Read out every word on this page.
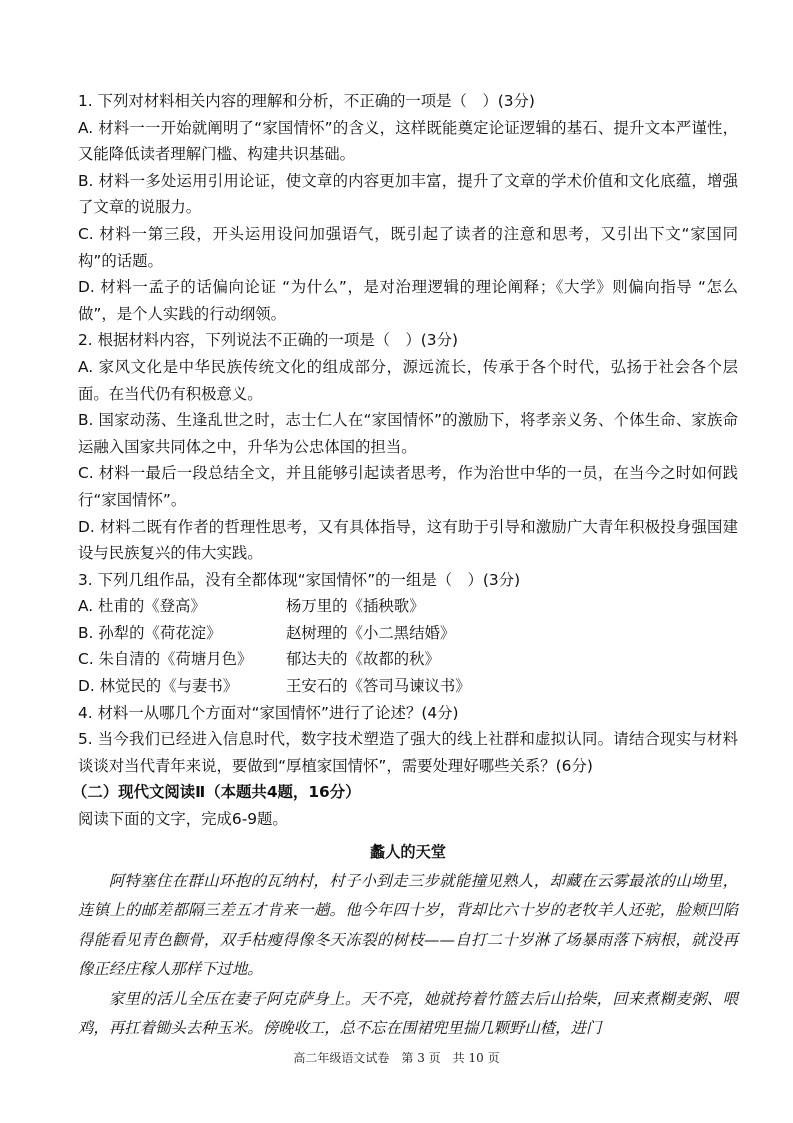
1. 下列对材料相关内容的理解和分析，不正确的一项是（　）(3分)

A. 材料一一开始就阐明了“家国情怀”的含义，这样既能奠定论证逻辑的基石、提升文本严谨性，又能降低读者理解门槛、构建共识基础。

B. 材料一多处运用引用论证，使文章的内容更加丰富，提升了文章的学术价值和文化底蕴，增强了文章的说服力。

C. 材料一第三段，开头运用设问加强语气，既引起了读者的注意和思考，又引出下文“家国同构”的话题。

D. 材料一孟子的话偏向论证 “为什么”，是对治理逻辑的理论阐释；《大学》则偏向指导 “怎么做”，是个人实践的行动纲领。

2. 根据材料内容，下列说法不正确的一项是（　）(3分)

A. 家风文化是中华民族传统文化的组成部分，源远流长，传承于各个时代，弘扬于社会各个层面。在当代仍有积极意义。

B. 国家动荡、生逢乱世之时，志士仁人在“家国情怀”的激励下，将孝亲义务、个体生命、家族命运融入国家共同体之中，升华为公忠体国的担当。

C. 材料一最后一段总结全文，并且能够引起读者思考，作为治世中华的一员，在当今之时如何践行“家国情怀”。

D. 材料二既有作者的哲理性思考，又有具体指导，这有助于引导和激励广大青年积极投身强国建设与民族复兴的伟大实践。

3. 下列几组作品，没有全都体现“家国情怀”的一组是（　）(3分)

A. 杜甫的《登高》	杨万里的《插秧歌》
B. 孙犁的《荷花淀》	赵树理的《小二黑结婚》
C. 朱自清的《荷塘月色》	郁达夫的《故都的秋》
D. 林觉民的《与妻书》	王安石的《答司马谏议书》

4. 材料一从哪几个方面对“家国情怀”进行了论述？(4分)

5. 当今我们已经进入信息时代，数字技术塑造了强大的线上社群和虚拟认同。请结合现实与材料谈谈对当代青年来说，要做到“厚植家国情怀”，需要处理好哪些关系？(6分)

（二）现代文阅读Ⅱ（本题共4题，16分）

阅读下面的文字，完成6-9题。

蠡人的天堂

阿特塞住在群山环抱的瓦纳村，村子小到走三步就能撞见熟人，却藏在云雾最浓的山坳里，连镇上的邮差都隔三差五才肯来一趟。他今年四十岁，背却比六十岁的老牧羊人还驼，脸颊凹陷得能看见青色颧骨，双手枯瘦得像冬天冻裂的树枝——自打二十岁淋了场暴雨落下病根，就没再像正经庄稼人那样下过地。

家里的活儿全压在妻子阿克萨身上。天不亮，她就挎着竹篮去后山拾柴，回来煮糊麦粥、喂鸡，再扛着锄头去种玉米。傍晚收工，总不忘在围裙兜里揣几颗野山楂，进门

高二年级语文试卷　第 3 页　共 10 页
